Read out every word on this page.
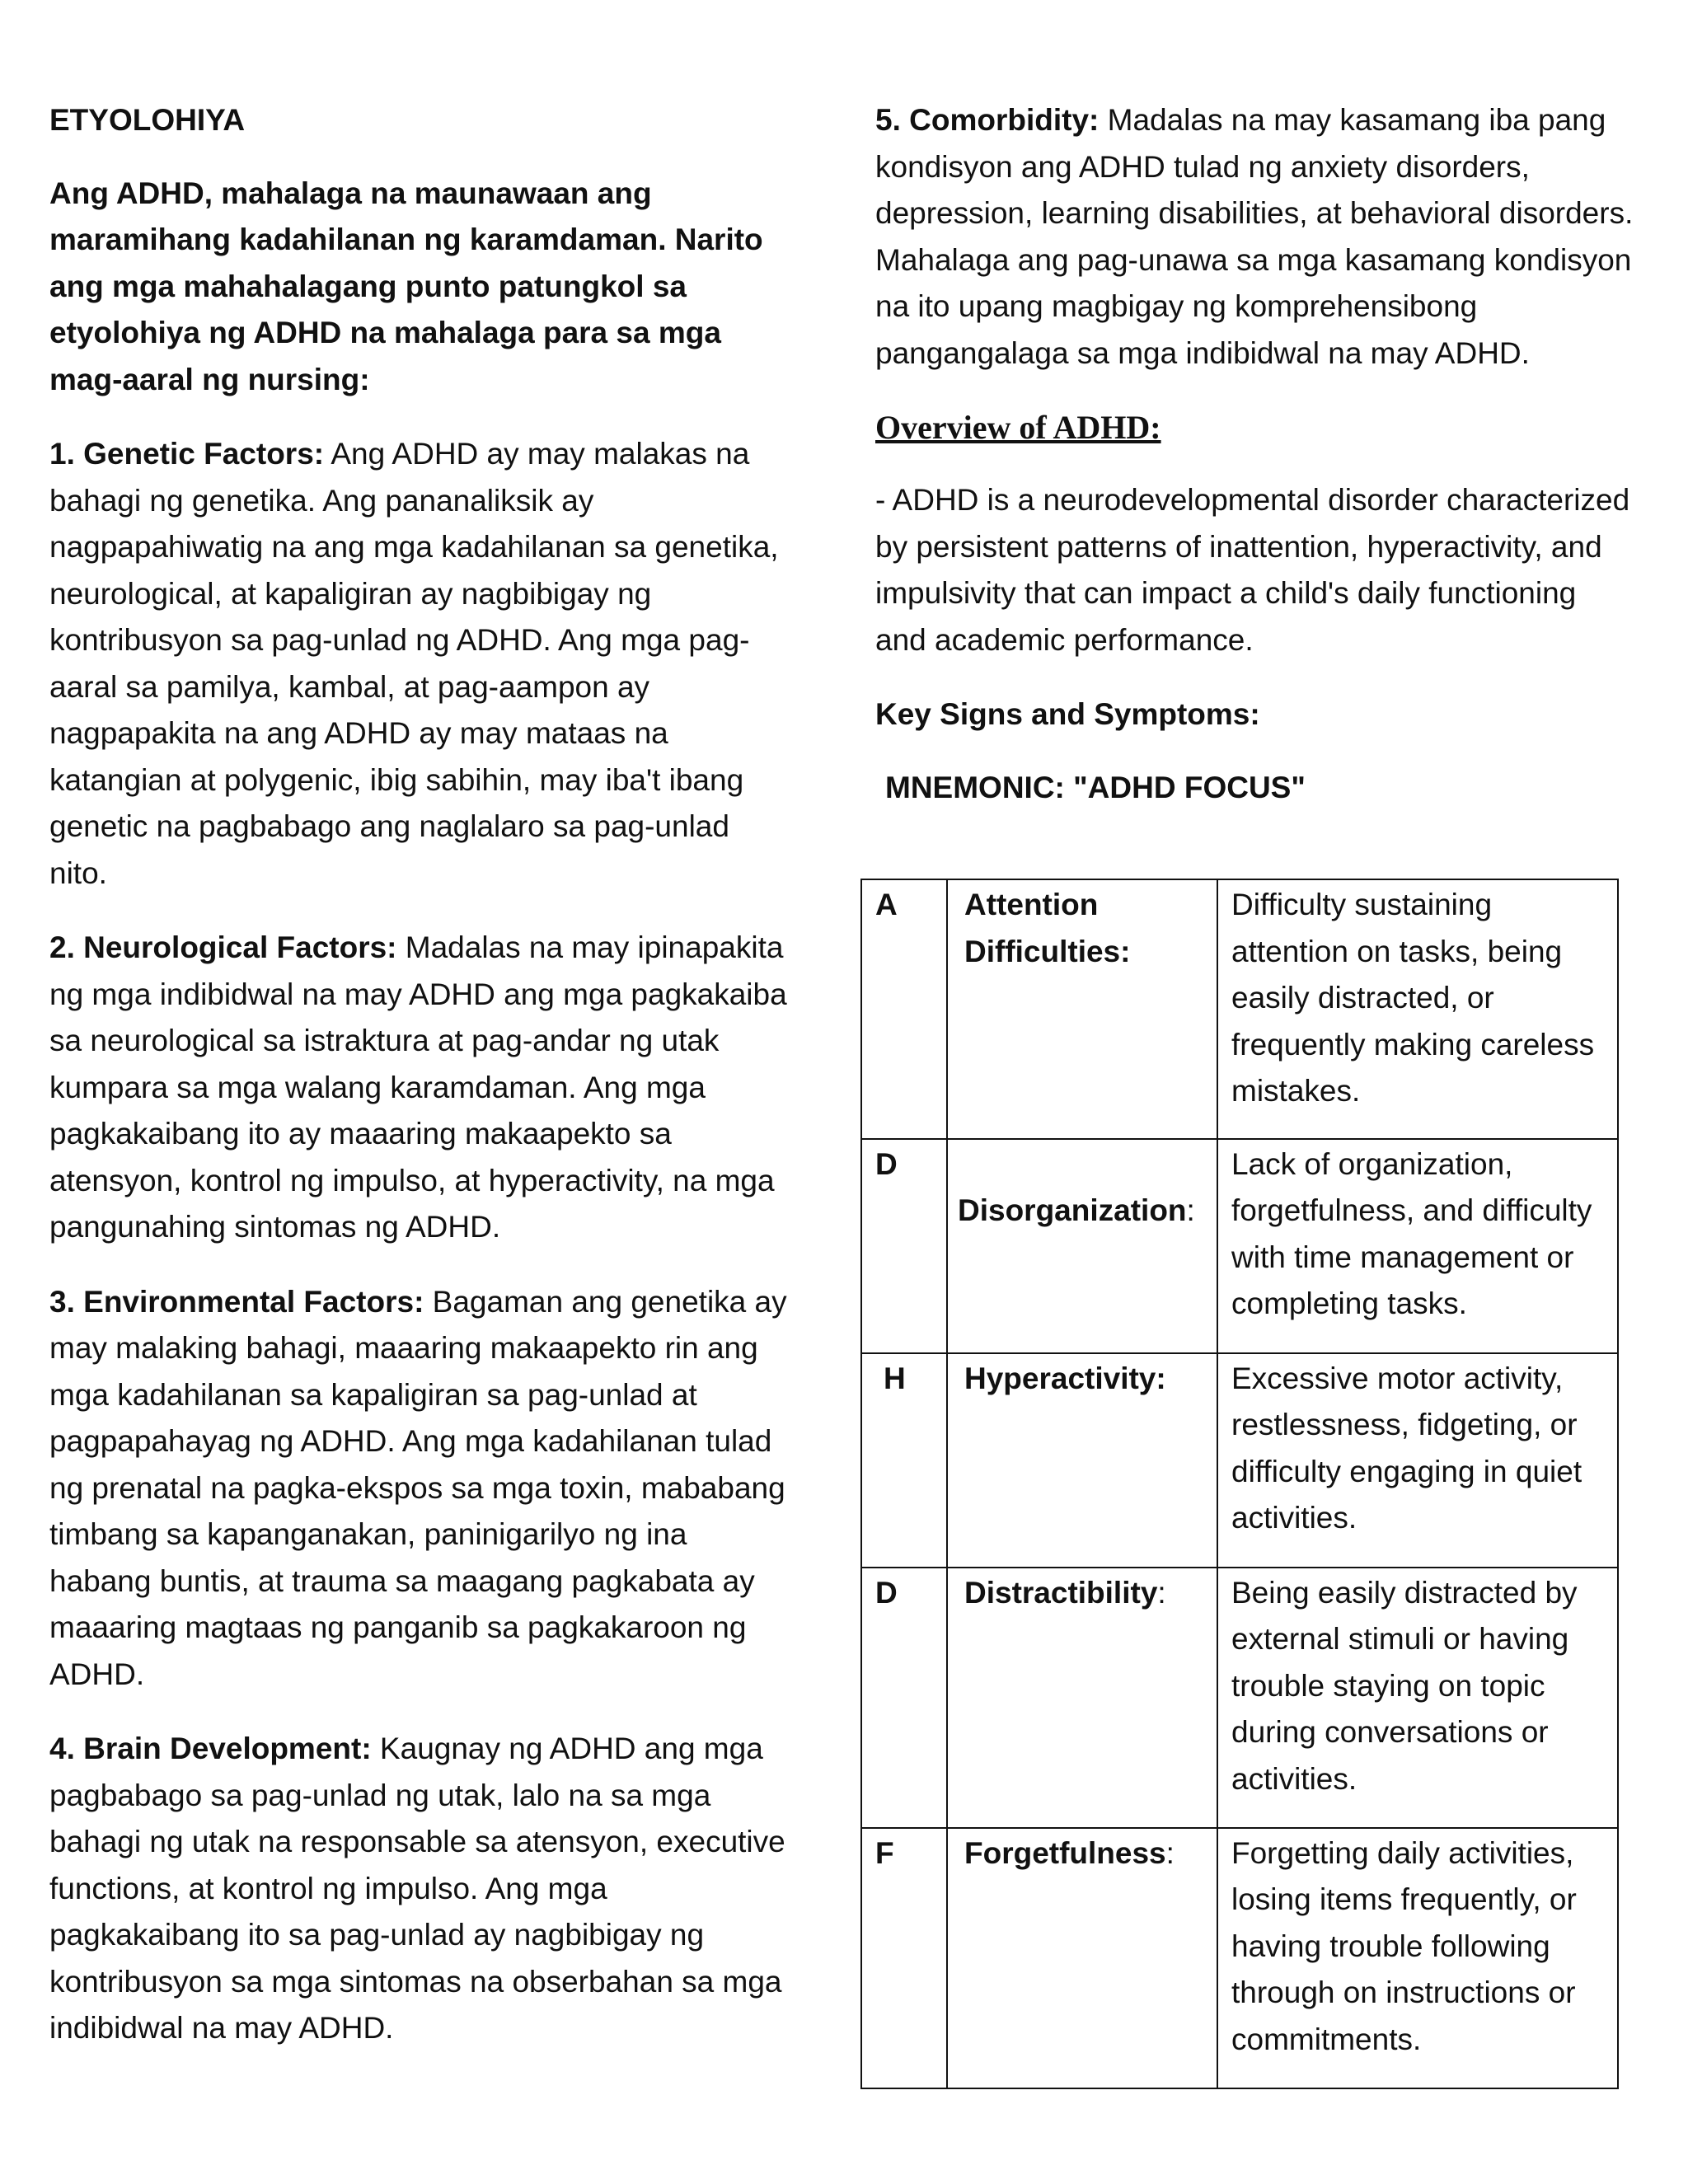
ETYOLOHIYA

Ang ADHD, mahalaga na maunawaan ang maramihang kadahilanan ng karamdaman. Narito ang mga mahahalagang punto patungkol sa etyolohiya ng ADHD na mahalaga para sa mga mag-aaral ng nursing:

1. Genetic Factors: Ang ADHD ay may malakas na bahagi ng genetika. Ang pananaliksik ay nagpapahiwatig na ang mga kadahilanan sa genetika, neurological, at kapaligiran ay nagbibigay ng kontribusyon sa pag-unlad ng ADHD. Ang mga pag-aaral sa pamilya, kambal, at pag-aampon ay nagpapakita na ang ADHD ay may mataas na katangian at polygenic, ibig sabihin, may iba't ibang genetic na pagbabago ang naglalaro sa pag-unlad nito.

2. Neurological Factors: Madalas na may ipinapakita ng mga indibidwal na may ADHD ang mga pagkakaiba sa neurological sa istraktura at pag-andar ng utak kumpara sa mga walang karamdaman. Ang mga pagkakaibang ito ay maaaring makaapekto sa atensyon, kontrol ng impulso, at hyperactivity, na mga pangunahing sintomas ng ADHD.

3. Environmental Factors: Bagaman ang genetika ay may malaking bahagi, maaaring makaapekto rin ang mga kadahilanan sa kapaligiran sa pag-unlad at pagpapahayag ng ADHD. Ang mga kadahilanan tulad ng prenatal na pagka-ekspos sa mga toxin, mababang timbang sa kapanganakan, paninigarilyo ng ina habang buntis, at trauma sa maagang pagkabata ay maaaring magtaas ng panganib sa pagkakaroon ng ADHD.

4. Brain Development: Kaugnay ng ADHD ang mga pagbabago sa pag-unlad ng utak, lalo na sa mga bahagi ng utak na responsable sa atensyon, executive functions, at kontrol ng impulso. Ang mga pagkakaibang ito sa pag-unlad ay nagbibigay ng kontribusyon sa mga sintomas na obserbahan sa mga indibidwal na may ADHD.

5. Comorbidity: Madalas na may kasamang iba pang kondisyon ang ADHD tulad ng anxiety disorders, depression, learning disabilities, at behavioral disorders. Mahalaga ang pag-unawa sa mga kasamang kondisyon na ito upang magbigay ng komprehensibong pangangalaga sa mga indibidwal na may ADHD.

Overview of ADHD:

- ADHD is a neurodevelopmental disorder characterized by persistent patterns of inattention, hyperactivity, and impulsivity that can impact a child's daily functioning and academic performance.

Key Signs and Symptoms:

MNEMONIC: "ADHD FOCUS"

A	Attention Difficulties:	Difficulty sustaining attention on tasks, being easily distracted, or frequently making careless mistakes.
D	Disorganization:	Lack of organization, forgetfulness, and difficulty with time management or completing tasks.
H	Hyperactivity:	Excessive motor activity, restlessness, fidgeting, or difficulty engaging in quiet activities.
D	Distractibility:	Being easily distracted by external stimuli or having trouble staying on topic during conversations or activities.
F	Forgetfulness:	Forgetting daily activities, losing items frequently, or having trouble following through on instructions or commitments.
